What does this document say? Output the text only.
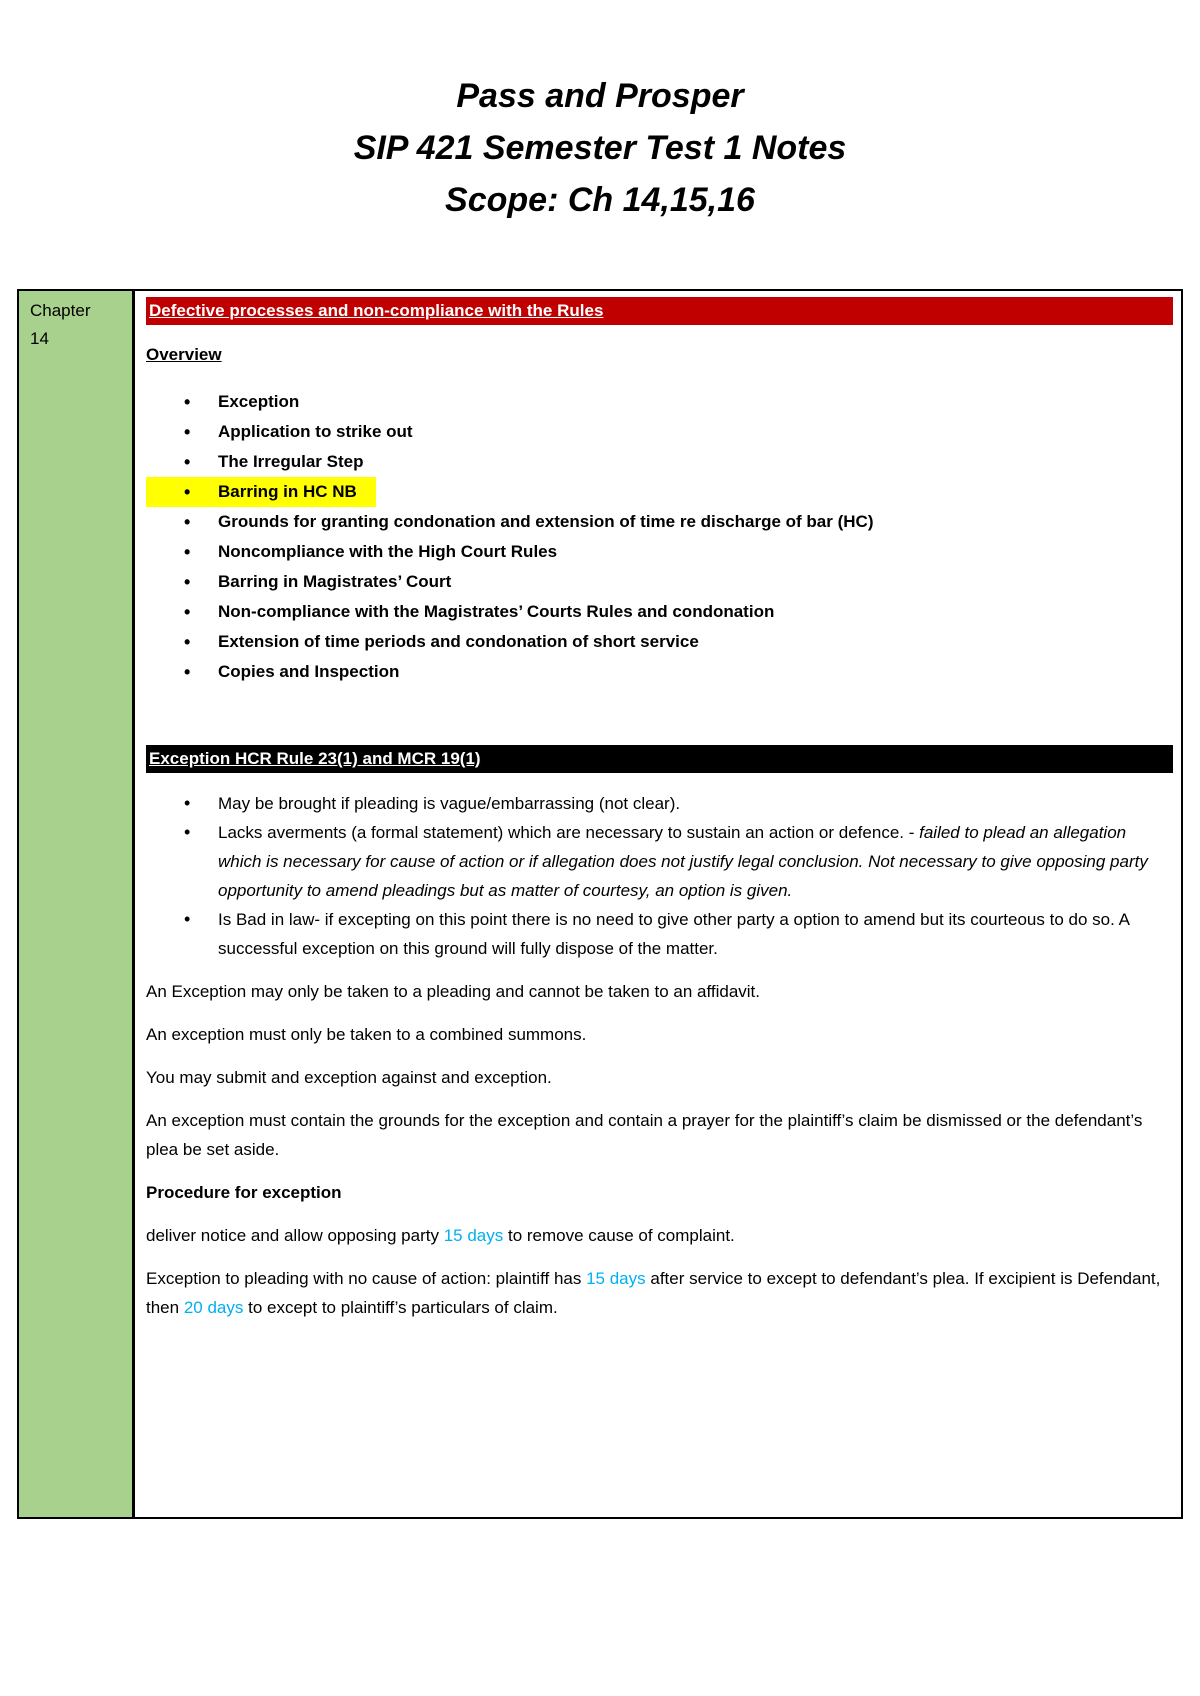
Pass and Prosper
SIP 421 Semester Test 1 Notes
Scope: Ch 14,15,16
Chapter
14
Defective processes and non-compliance with the Rules
Overview
• Exception
• Application to strike out
• The Irregular Step
• Barring in HC NB
• Grounds for granting condonation and extension of time re discharge of bar (HC)
• Noncompliance with the High Court Rules
• Barring in Magistrates’ Court
• Non-compliance with the Magistrates’ Courts Rules and condonation
• Extension of time periods and condonation of short service
• Copies and Inspection
Exception HCR Rule 23(1) and MCR 19(1)
• May be brought if pleading is vague/embarrassing (not clear).
• Lacks averments (a formal statement) which are necessary to sustain an action or defence. - failed to plead an allegation which is necessary for cause of action or if allegation does not justify legal conclusion. Not necessary to give opposing party opportunity to amend pleadings but as matter of courtesy, an option is given.
• Is Bad in law- if excepting on this point there is no need to give other party a option to amend but its courteous to do so. A successful exception on this ground will fully dispose of the matter.

An Exception may only be taken to a pleading and cannot be taken to an affidavit.

An exception must only be taken to a combined summons.

You may submit and exception against and exception.

An exception must contain the grounds for the exception and contain a prayer for the plaintiff’s claim be dismissed or the defendant’s plea be set aside.

Procedure for exception

deliver notice and allow opposing party 15 days to remove cause of complaint.

Exception to pleading with no cause of action: plaintiff has 15 days after service to except to defendant’s plea. If excipient is Defendant, then 20 days to except to plaintiff’s particulars of claim.
